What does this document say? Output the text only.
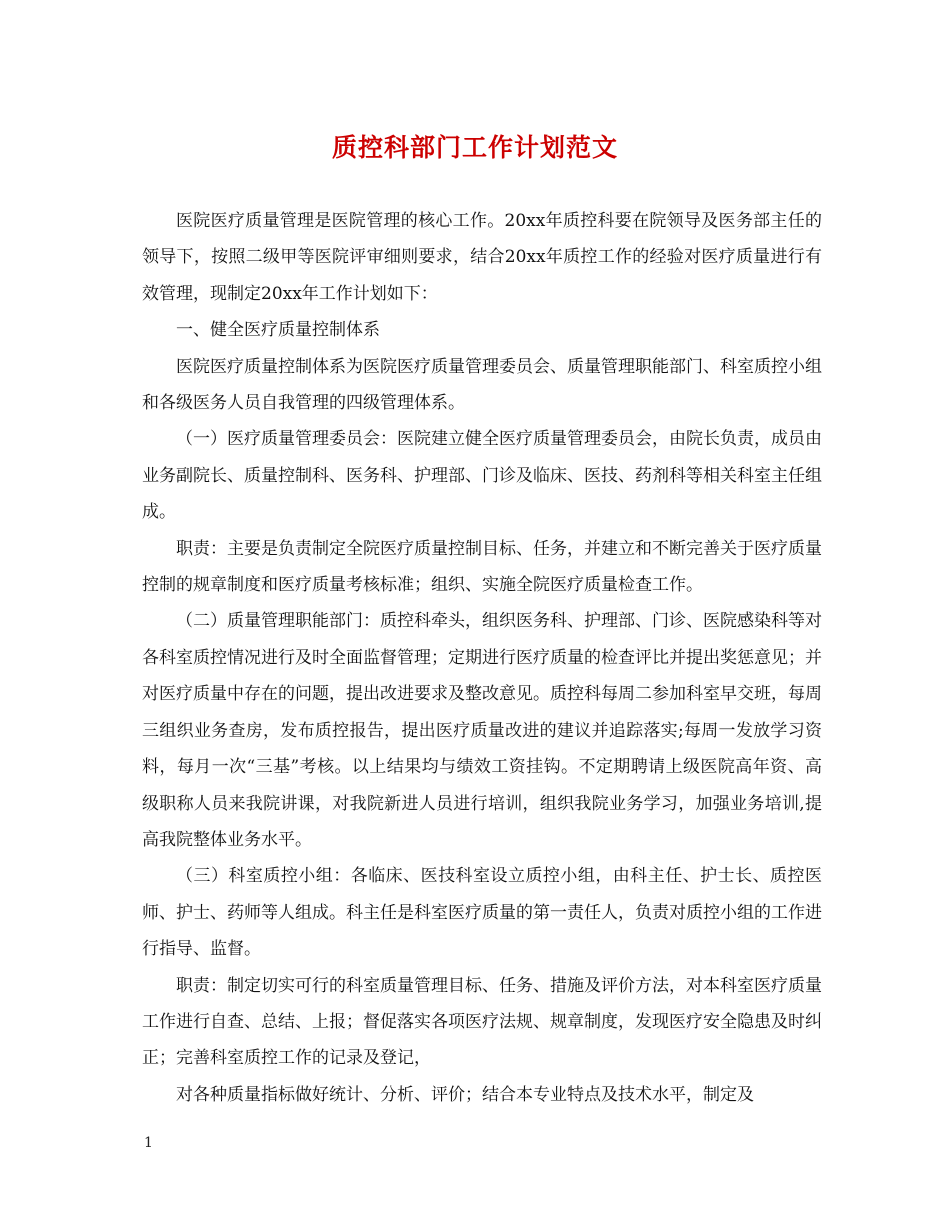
质控科部门工作计划范文

医院医疗质量管理是医院管理的核心工作。20xx年质控科要在院领导及医务部主任的领导下，按照二级甲等医院评审细则要求，结合20xx年质控工作的经验对医疗质量进行有效管理，现制定20xx年工作计划如下：

一、健全医疗质量控制体系

医院医疗质量控制体系为医院医疗质量管理委员会、质量管理职能部门、科室质控小组和各级医务人员自我管理的四级管理体系。

（一）医疗质量管理委员会：医院建立健全医疗质量管理委员会，由院长负责，成员由业务副院长、质量控制科、医务科、护理部、门诊及临床、医技、药剂科等相关科室主任组成。

职责：主要是负责制定全院医疗质量控制目标、任务，并建立和不断完善关于医疗质量控制的规章制度和医疗质量考核标准；组织、实施全院医疗质量检查工作。

（二）质量管理职能部门：质控科牵头，组织医务科、护理部、门诊、医院感染科等对各科室质控情况进行及时全面监督管理；定期进行医疗质量的检查评比并提出奖惩意见；并对医疗质量中存在的问题，提出改进要求及整改意见。质控科每周二参加科室早交班，每周三组织业务查房，发布质控报告，提出医疗质量改进的建议并追踪落实;每周一发放学习资料，每月一次“三基”考核。以上结果均与绩效工资挂钩。不定期聘请上级医院高年资、高级职称人员来我院讲课，对我院新进人员进行培训，组织我院业务学习，加强业务培训,提高我院整体业务水平。

（三）科室质控小组：各临床、医技科室设立质控小组，由科主任、护士长、质控医师、护士、药师等人组成。科主任是科室医疗质量的第一责任人，负责对质控小组的工作进行指导、监督。

职责：制定切实可行的科室质量管理目标、任务、措施及评价方法，对本科室医疗质量工作进行自查、总结、上报；督促落实各项医疗法规、规章制度，发现医疗安全隐患及时纠正；完善科室质控工作的记录及登记，

对各种质量指标做好统计、分析、评价；结合本专业特点及技术水平，制定及

1
